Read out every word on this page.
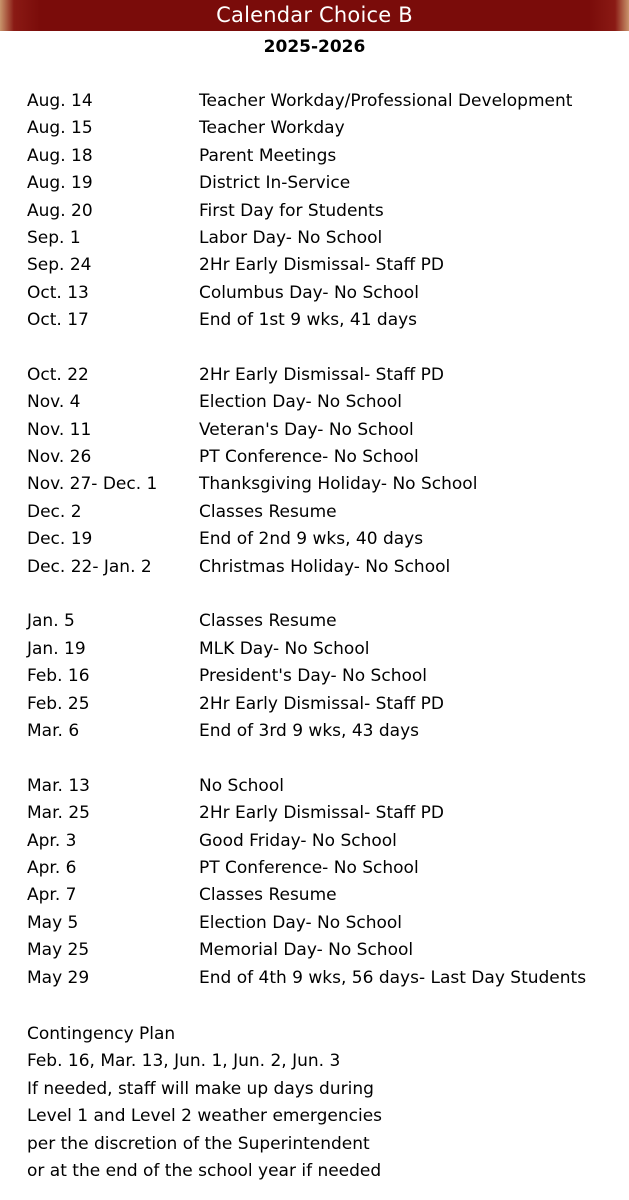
Calendar Choice B
2025-2026
Aug. 14	Teacher Workday/Professional Development
Aug. 15	Teacher Workday
Aug. 18	Parent Meetings
Aug. 19	District In-Service
Aug. 20	First Day for Students
Sep. 1	Labor Day- No School
Sep. 24	2Hr Early Dismissal- Staff PD
Oct. 13	Columbus Day- No School
Oct. 17	End of 1st 9 wks, 41 days
Oct. 22	2Hr Early Dismissal- Staff PD
Nov. 4	Election Day- No School
Nov. 11	Veteran's Day- No School
Nov. 26	PT Conference- No School
Nov. 27- Dec. 1 Thanksgiving Holiday- No School
Dec. 2	Classes Resume
Dec. 19	End of 2nd 9 wks, 40 days
Dec. 22- Jan. 2	Christmas Holiday- No School
Jan. 5	Classes Resume
Jan. 19	MLK Day- No School
Feb. 16	President's Day- No School
Feb. 25	2Hr Early Dismissal- Staff PD
Mar. 6	End of 3rd 9 wks, 43 days
Mar. 13	No School
Mar. 25	2Hr Early Dismissal- Staff PD
Apr. 3	Good Friday- No School
Apr. 6	PT Conference- No School
Apr. 7	Classes Resume
May 5	Election Day- No School
May 25	Memorial Day- No School
May 29	End of 4th 9 wks, 56 days- Last Day Students
Contingency Plan
Feb. 16, Mar. 13, Jun. 1, Jun. 2, Jun. 3
If needed, staff will make up days during
Level 1 and Level 2 weather emergencies
per the discretion of the Superintendent
or at the end of the school year if needed
